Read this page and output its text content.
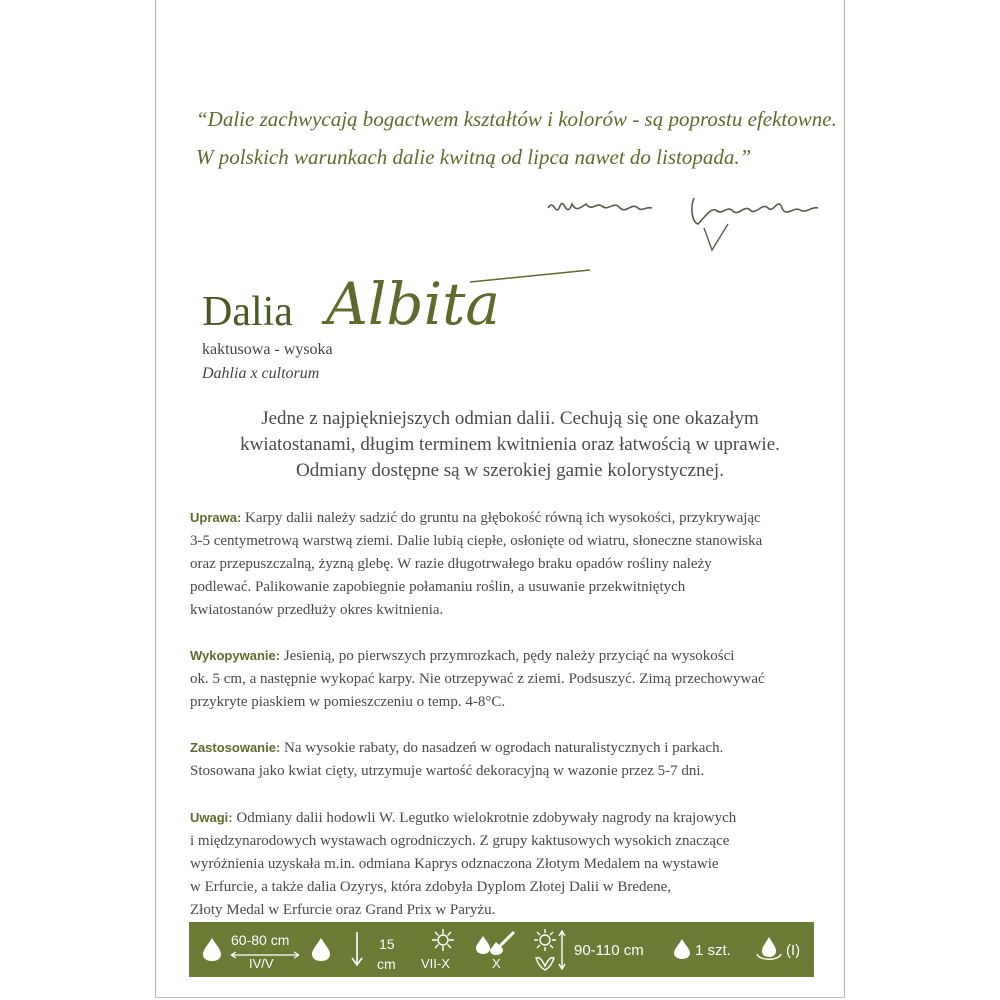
“Dalie zachwycają bogactwem kształtów i kolorów - są poprostu efektowne.
W polskich warunkach dalie kwitną od lipca nawet do listopada.”
Dalia Albita
kaktusowa - wysoka
Dahlia x cultorum
Jedne z najpiękniejszych odmian dalii. Cechują się one okazałym
kwiatostanami, długim terminem kwitnienia oraz łatwością w uprawie.
Odmiany dostępne są w szerokiej gamie kolorystycznej.
Uprawa: Karpy dalii należy sadzić do gruntu na głębokość równą ich wysokości, przykrywając
3-5 centymetrową warstwą ziemi. Dalie lubią ciepłe, osłonięte od wiatru, słoneczne stanowiska
oraz przepuszczalną, żyzną glebę. W razie długotrwałego braku opadów rośliny należy
podlewać. Palikowanie zapobiegnie połamaniu roślin, a usuwanie przekwitniętych
kwiatostanów przedłuży okres kwitnienia.
Wykopywanie: Jesienią, po pierwszych przymrozkach, pędy należy przyciąć na wysokości
ok. 5 cm, a następnie wykopać karpy. Nie otrzepywać z ziemi. Podsuszyć. Zimą przechowywać
przykryte piaskiem w pomieszczeniu o temp. 4-8°C.
Zastosowanie: Na wysokie rabaty, do nasadzeń w ogrodach naturalistycznych i parkach.
Stosowana jako kwiat cięty, utrzymuje wartość dekoracyjną w wazonie przez 5-7 dni.
Uwagi: Odmiany dalii hodowli W. Legutko wielokrotnie zdobywały nagrody na krajowych
i międzynarodowych wystawach ogrodniczych. Z grupy kaktusowych wysokich znaczące
wyróżnienia uzyskała m.in. odmiana Kaprys odznaczona Złotym Medalem na wystawie
w Erfurcie, a także dalia Ozyrys, która zdobyła Dyplom Złotej Dalii w Bredene,
Złoty Medal w Erfurcie oraz Grand Prix w Paryżu.
60-80 cm
IV/V
15
cm VII-X	X
90-110 cm	1 szt.	(I)
